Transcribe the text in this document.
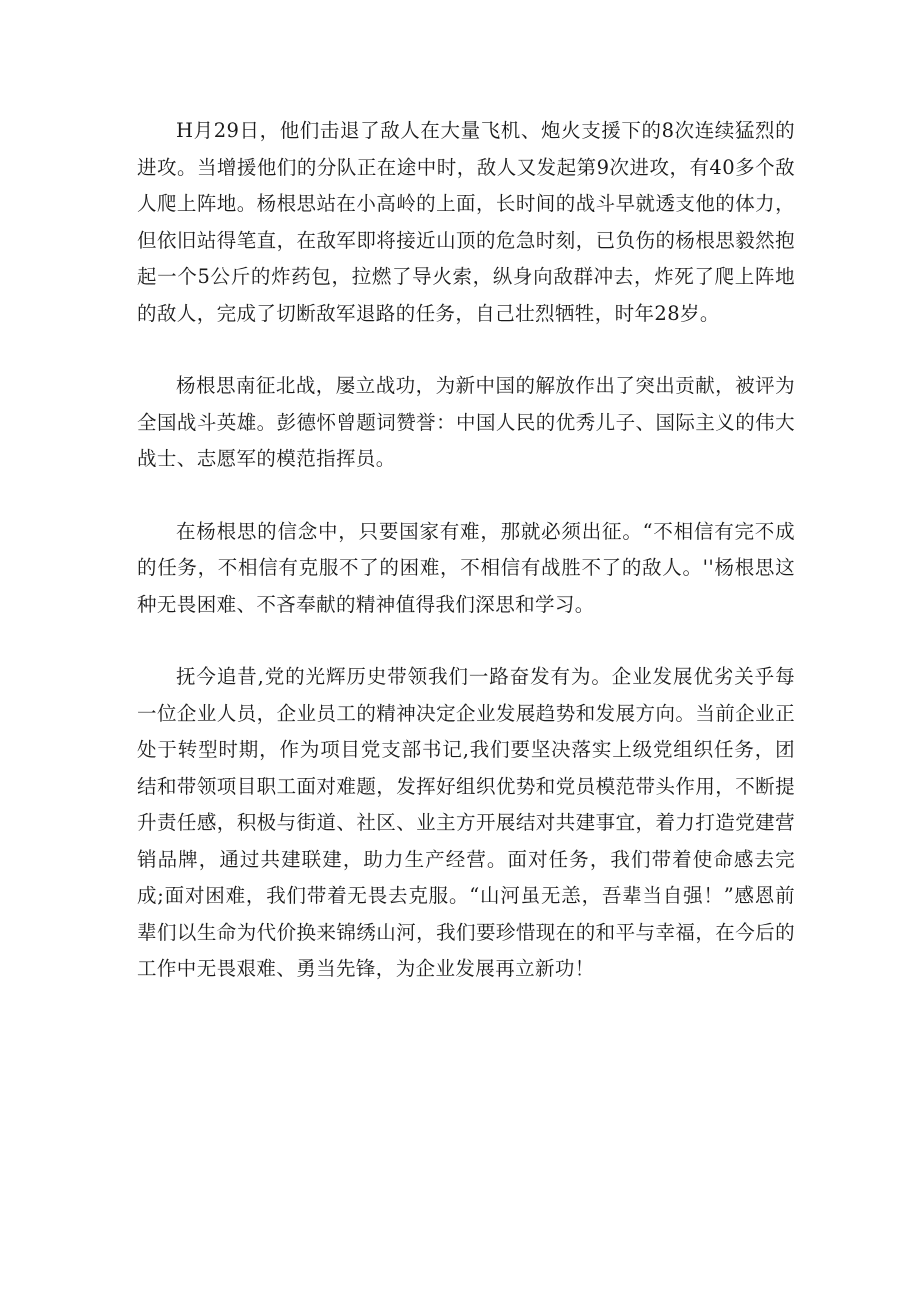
H月29日，他们击退了敌人在大量飞机、炮火支援下的8次连续猛烈的进攻。当增援他们的分队正在途中时，敌人又发起第9次进攻，有40多个敌人爬上阵地。杨根思站在小高岭的上面，长时间的战斗早就透支他的体力，但依旧站得笔直，在敌军即将接近山顶的危急时刻，已负伤的杨根思毅然抱起一个5公斤的炸药包，拉燃了导火索，纵身向敌群冲去，炸死了爬上阵地的敌人，完成了切断敌军退路的任务，自己壮烈牺牲，时年28岁。

杨根思南征北战，屡立战功，为新中国的解放作出了突出贡献，被评为全国战斗英雄。彭德怀曾题词赞誉：中国人民的优秀儿子、国际主义的伟大战士、志愿军的模范指挥员。

在杨根思的信念中，只要国家有难，那就必须出征。“不相信有完不成的任务，不相信有克服不了的困难，不相信有战胜不了的敌人。''杨根思这种无畏困难、不吝奉献的精神值得我们深思和学习。

抚今追昔,党的光辉历史带领我们一路奋发有为。企业发展优劣关乎每一位企业人员，企业员工的精神决定企业发展趋势和发展方向。当前企业正处于转型时期，作为项目党支部书记,我们要坚决落实上级党组织任务，团结和带领项目职工面对难题，发挥好组织优势和党员模范带头作用，不断提升责任感，积极与街道、社区、业主方开展结对共建事宜，着力打造党建营销品牌，通过共建联建，助力生产经营。面对任务，我们带着使命感去完成;面对困难，我们带着无畏去克服。“山河虽无恙，吾辈当自强！”感恩前辈们以生命为代价换来锦绣山河，我们要珍惜现在的和平与幸福，在今后的工作中无畏艰难、勇当先锋，为企业发展再立新功！
